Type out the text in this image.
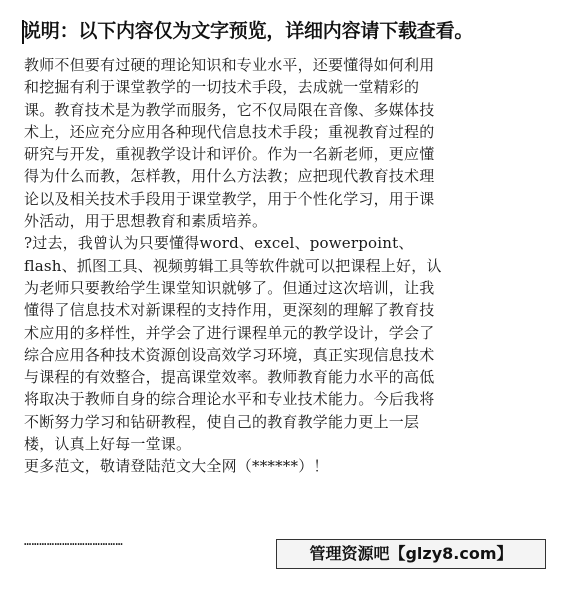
说明：以下内容仅为文字预览，详细内容请下载查看。
教师不但要有过硬的理论知识和专业水平，还要懂得如何利用
和挖掘有利于课堂教学的一切技术手段，去成就一堂精彩的
课。教育技术是为教学而服务，它不仅局限在音像、多媒体技
术上，还应充分应用各种现代信息技术手段；重视教育过程的
研究与开发，重视教学设计和评价。作为一名新老师，更应懂
得为什么而教，怎样教，用什么方法教；应把现代教育技术理
论以及相关技术手段用于课堂教学，用于个性化学习，用于课
外活动，用于思想教育和素质培养。
?过去，我曾认为只要懂得word、excel、powerpoint、
flash、抓图工具、视频剪辑工具等软件就可以把课程上好，认
为老师只要教给学生课堂知识就够了。但通过这次培训，让我
懂得了信息技术对新课程的支持作用，更深刻的理解了教育技
术应用的多样性，并学会了进行课程单元的教学设计，学会了
综合应用各种技术资源创设高效学习环境，真正实现信息技术
与课程的有效整合，提高课堂效率。教师教育能力水平的高低
将取决于教师自身的综合理论水平和专业技术能力。今后我将
不断努力学习和钻研教程，使自己的教育教学能力更上一层
楼，认真上好每一堂课。
更多范文，敬请登陆范文大全网（******）！
…………………………………
管理资源吧【glzy8.com】
